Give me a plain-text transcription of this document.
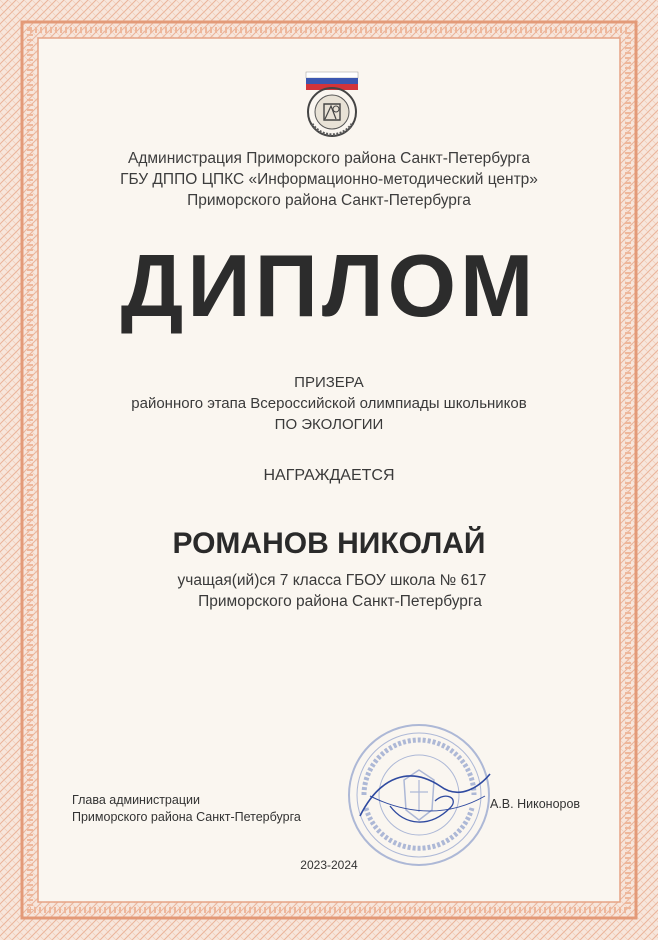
Администрация Приморского района Санкт-Петербурга
ГБУ ДППО ЦПКС «Информационно-методический центр»
Приморского района Санкт-Петербурга
ДИПЛОМ
ПРИЗЕРА
районного этапа Всероссийской олимпиады школьников
ПО ЭКОЛОГИИ
НАГРАЖДАЕТСЯ
РОМАНОВ НИКОЛАЙ
учащая(ий)ся 7 класса ГБОУ школа № 617
Приморского района Санкт-Петербурга
Глава администрации
Приморского района Санкт-Петербурга
А.В. Никоноров
2023-2024
